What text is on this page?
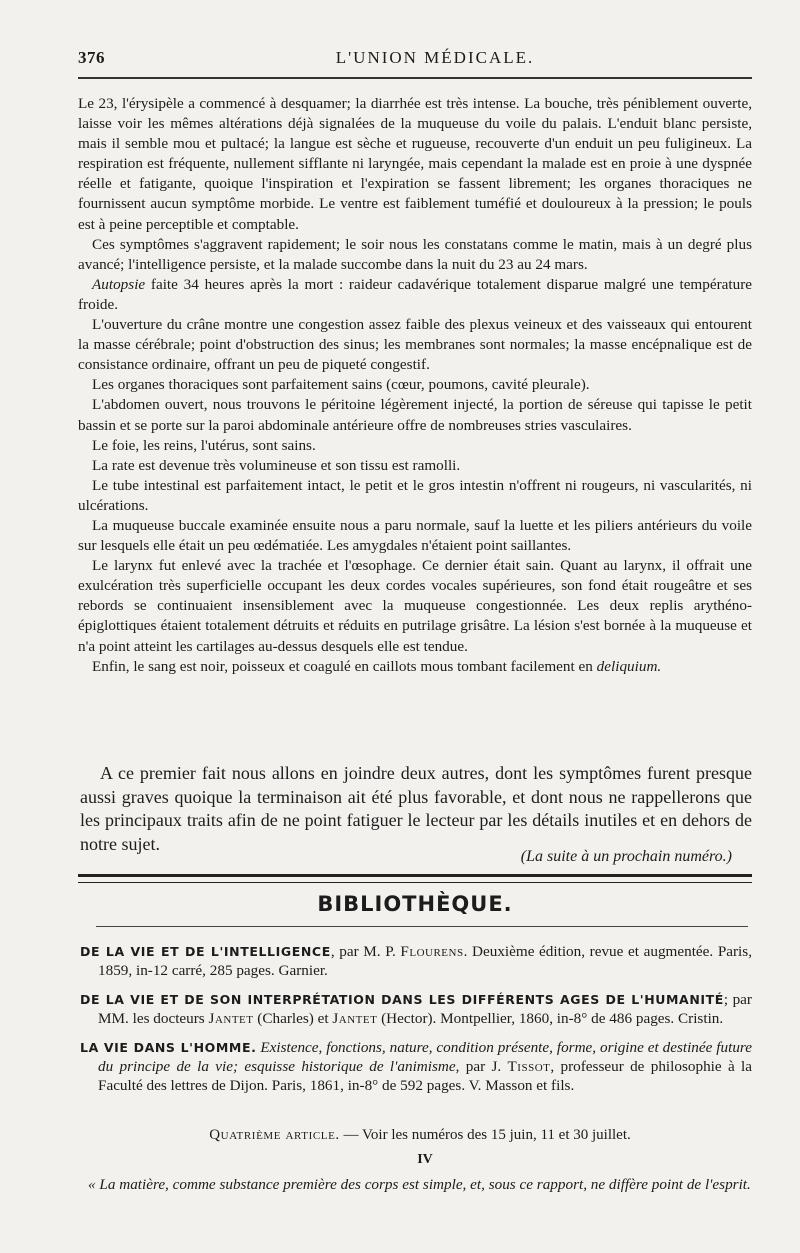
376	L'UNION MÉDICALE.

Le 23, l'érysipèle a commencé à desquamer; la diarrhée est très intense. La bouche, très péniblement ouverte, laisse voir les mêmes altérations déjà signalées de la muqueuse du voile du palais. L'enduit blanc persiste, mais il semble mou et pultacé; la langue est sèche et rugueuse, recouverte d'un enduit un peu fuligineux. La respiration est fréquente, nullement sifflante ni laryngée, mais cependant la malade est en proie à une dyspnée réelle et fatigante, quoique l'inspiration et l'expiration se fassent librement; les organes thoraciques ne fournissent aucun symptôme morbide. Le ventre est faiblement tuméfié et douloureux à la pression; le pouls est à peine perceptible et comptable.

Ces symptômes s'aggravent rapidement; le soir nous les constatans comme le matin, mais à un degré plus avancé; l'intelligence persiste, et la malade succombe dans la nuit du 23 au 24 mars.

Autopsie faite 34 heures après la mort : raideur cadavérique totalement disparue malgré une température froide.

L'ouverture du crâne montre une congestion assez faible des plexus veineux et des vaisseaux qui entourent la masse cérébrale; point d'obstruction des sinus; les membranes sont normales; la masse encépnalique est de consistance ordinaire, offrant un peu de piqueté congestif.

Les organes thoraciques sont parfaitement sains (cœur, poumons, cavité pleurale).

L'abdomen ouvert, nous trouvons le péritoine légèrement injecté, la portion de séreuse qui tapisse le petit bassin et se porte sur la paroi abdominale antérieure offre de nombreuses stries vasculaires.

Le foie, les reins, l'utérus, sont sains.

La rate est devenue très volumineuse et son tissu est ramolli.

Le tube intestinal est parfaitement intact, le petit et le gros intestin n'offrent ni rougeurs, ni vascularités, ni ulcérations.

La muqueuse buccale examinée ensuite nous a paru normale, sauf la luette et les piliers antérieurs du voile sur lesquels elle était un peu œdématiée. Les amygdales n'étaient point saillantes.

Le larynx fut enlevé avec la trachée et l'œsophage. Ce dernier était sain. Quant au larynx, il offrait une exulcération très superficielle occupant les deux cordes vocales supérieures, son fond était rougeâtre et ses rebords se continuaient insensiblement avec la muqueuse congestionnée. Les deux replis arythéno-épiglottiques étaient totalement détruits et réduits en putrilage grisâtre. La lésion s'est bornée à la muqueuse et n'a point atteint les cartilages au-dessus desquels elle est tendue.

Enfin, le sang est noir, poisseux et coagulé en caillots mous tombant facilement en deliquium.

A ce premier fait nous allons en joindre deux autres, dont les symptômes furent presque aussi graves quoique la terminaison ait été plus favorable, et dont nous ne rappellerons que les principaux traits afin de ne point fatiguer le lecteur par les détails inutiles et en dehors de notre sujet.

(La suite à un prochain numéro.)
BIBLIOTHÈQUE.

DE LA VIE ET DE L'INTELLIGENCE, par M. P. Flourens. Deuxième édition, revue et augmentée. Paris, 1859, in-12 carré, 285 pages. Garnier.

DE LA VIE ET DE SON INTERPRÉTATION DANS LES DIFFÉRENTS AGES DE L'HUMANITÉ; par MM. les docteurs Jantet (Charles) et Jantet (Hector). Montpellier, 1860, in-8° de 486 pages. Cristin.

LA VIE DANS L'HOMME. Existence, fonctions, nature, condition présente, forme, origine et destinée future du principe de la vie; esquisse historique de l'animisme, par J. Tissot, professeur de philosophie à la Faculté des lettres de Dijon. Paris, 1861, in-8° de 592 pages. V. Masson et fils.

Quatrième article. — Voir les numéros des 15 juin, 11 et 30 juillet.
IV

« La matière, comme substance première des corps est simple, et, sous ce rapport, ne diffère point de l'esprit.
